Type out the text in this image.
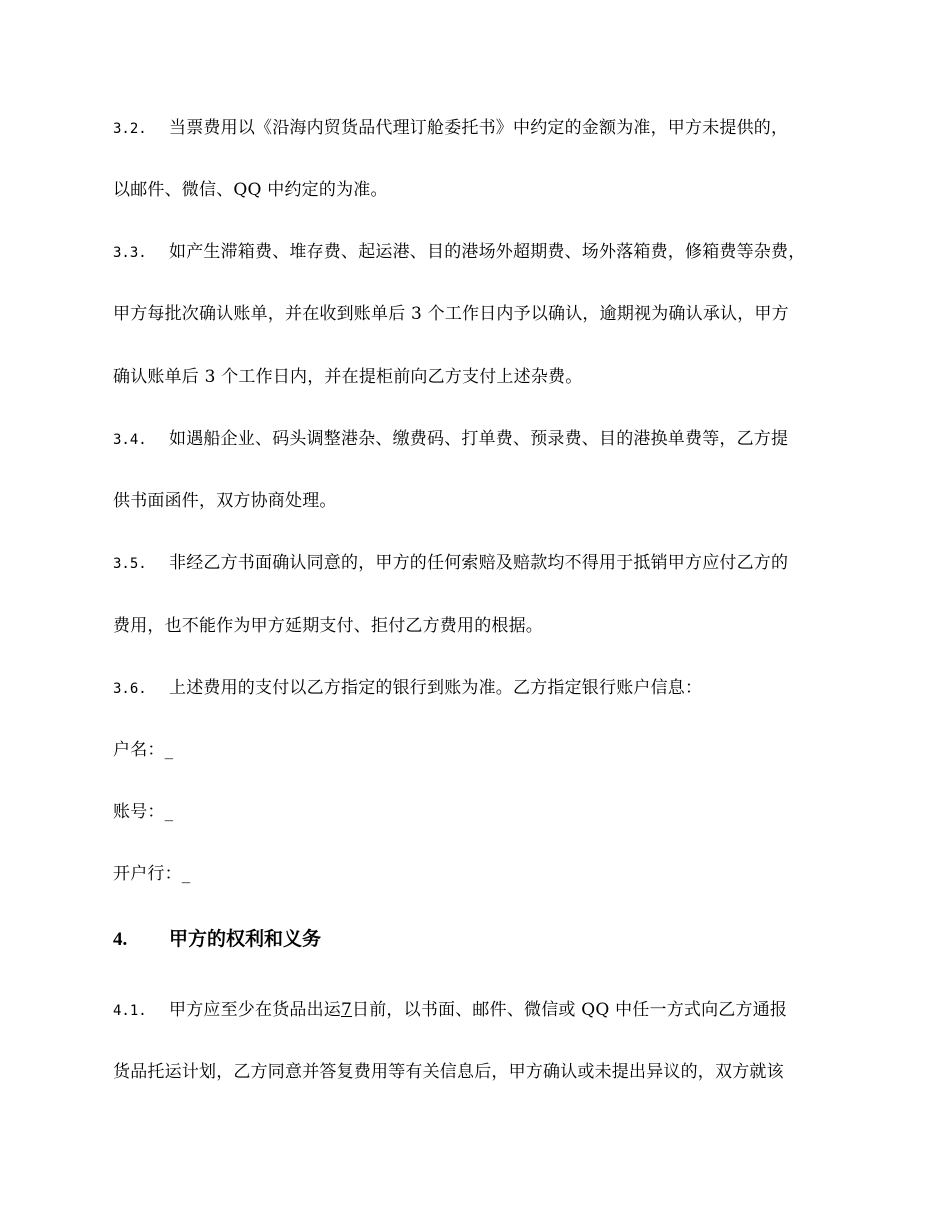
3.2. 当票费用以《沿海内贸货品代理订舱委托书》中约定的金额为准，甲方未提供的，
以邮件、微信、QQ 中约定的为准。
3.3. 如产生滞箱费、堆存费、起运港、目的港场外超期费、场外落箱费，修箱费等杂费，
甲方每批次确认账单，并在收到账单后 3 个工作日内予以确认，逾期视为确认承认，甲方
确认账单后 3 个工作日内，并在提柜前向乙方支付上述杂费。
3.4. 如遇船企业、码头调整港杂、缴费码、打单费、预录费、目的港换单费等，乙方提
供书面函件，双方协商处理。
3.5. 非经乙方书面确认同意的，甲方的任何索赔及赔款均不得用于抵销甲方应付乙方的
费用，也不能作为甲方延期支付、拒付乙方费用的根据。
3.6. 上述费用的支付以乙方指定的银行到账为准。乙方指定银行账户信息：
户名：_
账号：_
开户行：_
4. 甲方的权利和义务
4.1. 甲方应至少在货品出运7日前，以书面、邮件、微信或 QQ 中任一方式向乙方通报
货品托运计划，乙方同意并答复费用等有关信息后，甲方确认或未提出异议的，双方就该
